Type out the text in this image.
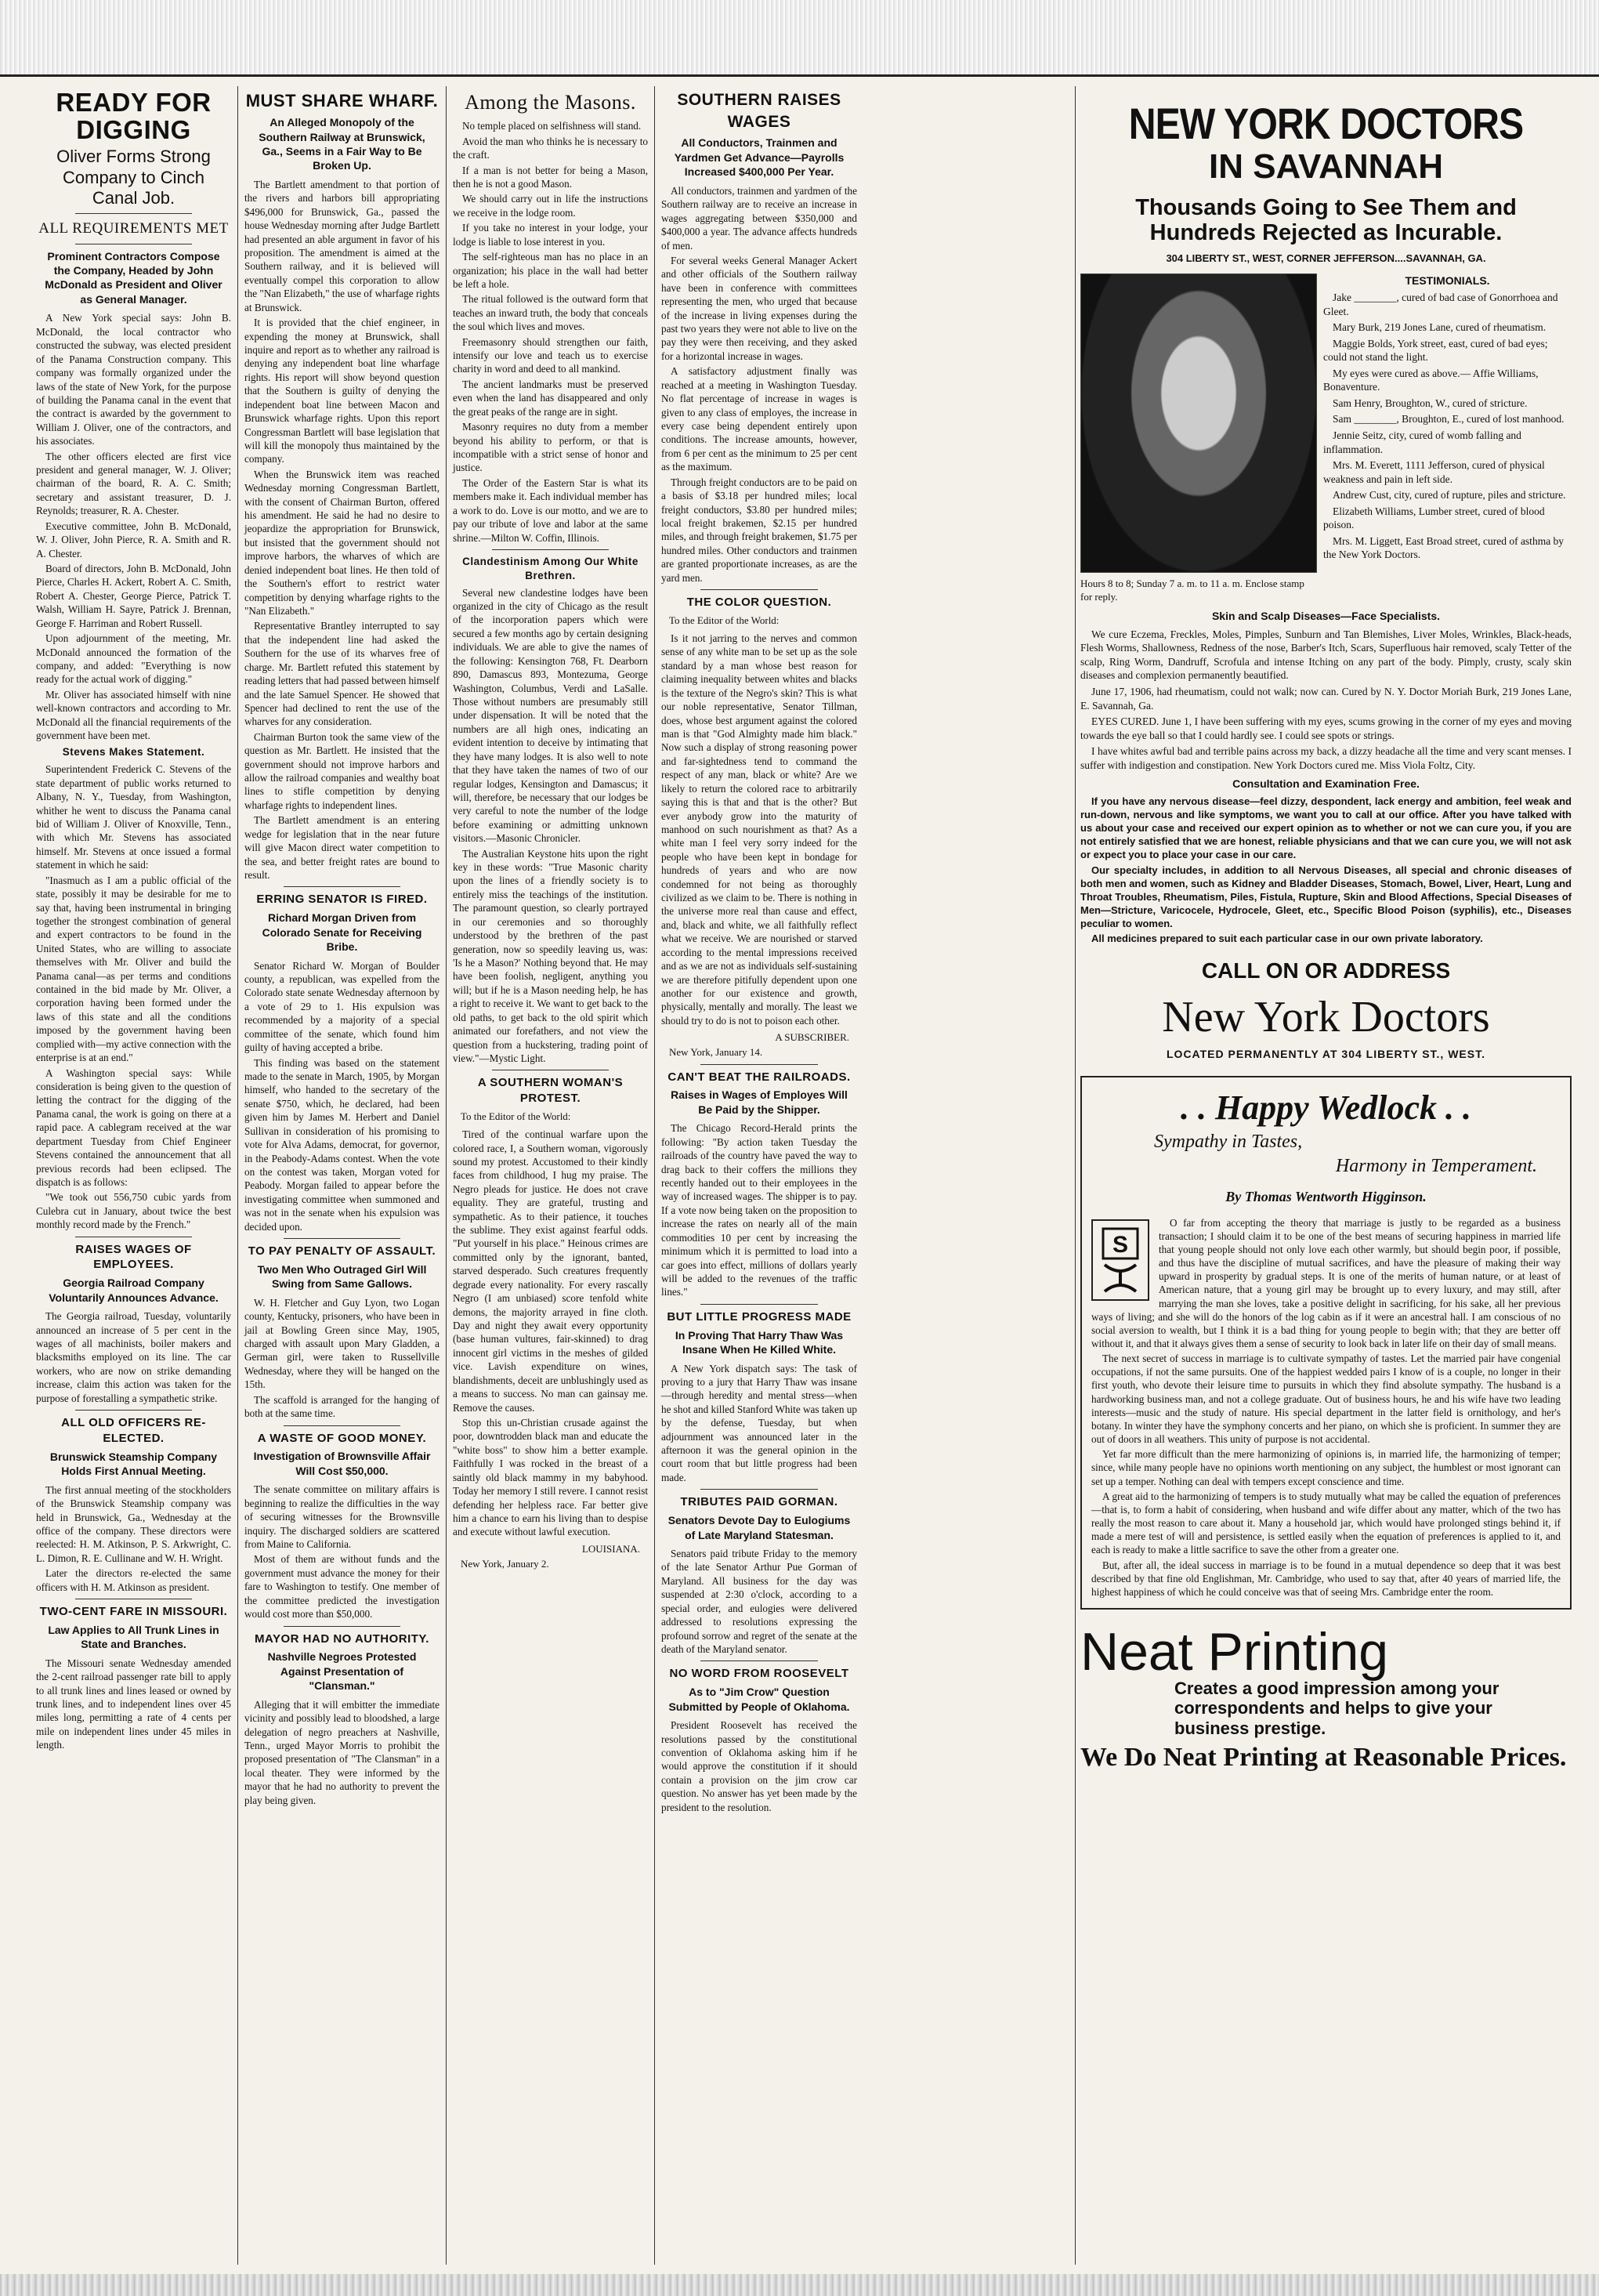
READY FOR DIGGING
Oliver Forms Strong Company to Cinch Canal Job.
ALL REQUIREMENTS MET
Prominent Contractors Compose the Company, Headed by John McDonald as President and Oliver as General Manager.

A New York special says: John B. McDonald, the local contractor who constructed the subway, was elected president of the Panama Construction company. This company was formally organized under the laws of the state of New York, for the purpose of building the Panama canal in the event that the contract is awarded by the government to William J. Oliver, one of the contractors, and his associates.

The other officers elected are first vice president and general manager, W. J. Oliver; chairman of the board, R. A. C. Smith; secretary and assistant treasurer, D. J. Reynolds; treasurer, R. A. Chester.

Executive committee, John B. McDonald, W. J. Oliver, John Pierce, R. A. Smith and R. A. Chester.

Board of directors, John B. McDonald, John Pierce, Charles H. Ackert, Robert A. C. Smith, Robert A. Chester, George Pierce, Patrick T. Walsh, William H. Sayre, Patrick J. Brennan, George F. Harriman and Robert Russell.

Upon adjournment of the meeting, Mr. McDonald announced the formation of the company, and added: "Everything is now ready for the actual work of digging."

Mr. Oliver has associated himself with nine well-known contractors and according to Mr. McDonald all the financial requirements of the government have been met.

Stevens Makes Statement.

Superintendent Frederick C. Stevens of the state department of public works returned to Albany, N. Y., Tuesday, from Washington, whither he went to discuss the Panama canal bid of William J. Oliver of Knoxville, Tenn., with which Mr. Stevens has associated himself. Mr. Stevens at once issued a formal statement in which he said:

"Inasmuch as I am a public official of the state, possibly it may be desirable for me to say that, having been instrumental in bringing together the strongest combination of general and expert contractors to be found in the United States, who are willing to associate themselves with Mr. Oliver and build the Panama canal—as per terms and conditions contained in the bid made by Mr. Oliver, a corporation having been formed under the laws of this state and all the conditions imposed by the government having been complied with—my active connection with the enterprise is at an end."

A Washington special says: While consideration is being given to the question of letting the contract for the digging of the Panama canal, the work is going on there at a rapid pace. A cablegram received at the war department Tuesday from Chief Engineer Stevens contained the announcement that all previous records had been eclipsed. The dispatch is as follows:

"We took out 556,750 cubic yards from Culebra cut in January, about twice the best monthly record made by the French."

RAISES WAGES OF EMPLOYEES.
Georgia Railroad Company Voluntarily Announces Advance.

The Georgia railroad, Tuesday, voluntarily announced an increase of 5 per cent in the wages of all machinists, boiler makers and blacksmiths employed on its line. The car workers, who are now on strike demanding increase, claim this action was taken for the purpose of forestalling a sympathetic strike.

ALL OLD OFFICERS RE-ELECTED.
Brunswick Steamship Company Holds First Annual Meeting.

The first annual meeting of the stockholders of the Brunswick Steamship company was held in Brunswick, Ga., Wednesday at the office of the company. These directors were reelected: H. M. Atkinson, P. S. Arkwright, C. L. Dimon, R. E. Cullinane and W. H. Wright.

Later the directors re-elected the same officers with H. M. Atkinson as president.

TWO-CENT FARE IN MISSOURI.
Law Applies to All Trunk Lines in State and Branches.

The Missouri senate Wednesday amended the 2-cent railroad passenger rate bill to apply to all trunk lines and lines leased or owned by trunk lines, and to independent lines over 45 miles long, permitting a rate of 4 cents per mile on independent lines under 45 miles in length.

MUST SHARE WHARF.
An Alleged Monopoly of the Southern Railway at Brunswick, Ga., Seems in a Fair Way to Be Broken Up.

The Bartlett amendment to that portion of the rivers and harbors bill appropriating $496,000 for Brunswick, Ga., passed the house Wednesday morning after Judge Bartlett had presented an able argument in favor of his proposition. The amendment is aimed at the Southern railway, and it is believed will eventually compel this corporation to allow the "Nan Elizabeth," the use of wharfage rights at Brunswick.

It is provided that the chief engineer, in expending the money at Brunswick, shall inquire and report as to whether any railroad is denying any independent boat line wharfage rights. His report will show beyond question that the Southern is guilty of denying the independent boat line between Macon and Brunswick wharfage rights. Upon this report Congressman Bartlett will base legislation that will kill the monopoly thus maintained by the company.

When the Brunswick item was reached Wednesday morning Congressman Bartlett, with the consent of Chairman Burton, offered his amendment. He said he had no desire to jeopardize the appropriation for Brunswick, but insisted that the government should not improve harbors, the wharves of which are denied independent boat lines. He then told of the Southern's effort to restrict water competition by denying wharfage rights to the "Nan Elizabeth."

Representative Brantley interrupted to say that the independent line had asked the Southern for the use of its wharves free of charge. Mr. Bartlett refuted this statement by reading letters that had passed between himself and the late Samuel Spencer. He showed that Spencer had declined to rent the use of the wharves for any consideration.

Chairman Burton took the same view of the question as Mr. Bartlett. He insisted that the government should not improve harbors and allow the railroad companies and wealthy boat lines to stifle competition by denying wharfage rights to independent lines.

The Bartlett amendment is an entering wedge for legislation that in the near future will give Macon direct water competition to the sea, and better freight rates are bound to result.

ERRING SENATOR IS FIRED.
Richard Morgan Driven from Colorado Senate for Receiving Bribe.

Senator Richard W. Morgan of Boulder county, a republican, was expelled from the Colorado state senate Wednesday afternoon by a vote of 29 to 1. His expulsion was recommended by a majority of a special committee of the senate, which found him guilty of having accepted a bribe.

This finding was based on the statement made to the senate in March, 1905, by Morgan himself, who handed to the secretary of the senate $750, which, he declared, had been given him by James M. Herbert and Daniel Sullivan in consideration of his promising to vote for Alva Adams, democrat, for governor, in the Peabody-Adams contest. When the vote on the contest was taken, Morgan voted for Peabody. Morgan failed to appear before the investigating committee when summoned and was not in the senate when his expulsion was decided upon.

TO PAY PENALTY OF ASSAULT.
Two Men Who Outraged Girl Will Swing from Same Gallows.

W. H. Fletcher and Guy Lyon, two Logan county, Kentucky, prisoners, who have been in jail at Bowling Green since May, 1905, charged with assault upon Mary Gladden, a German girl, were taken to Russellville Wednesday, where they will be hanged on the 15th.

The scaffold is arranged for the hanging of both at the same time.

A WASTE OF GOOD MONEY.
Investigation of Brownsville Affair Will Cost $50,000.

The senate committee on military affairs is beginning to realize the difficulties in the way of securing witnesses for the Brownsville inquiry. The discharged soldiers are scattered from Maine to California.

Most of them are without funds and the government must advance the money for their fare to Washington to testify. One member of the committee predicted the investigation would cost more than $50,000.

MAYOR HAD NO AUTHORITY.
Nashville Negroes Protested Against Presentation of "Clansman."

Alleging that it will embitter the immediate vicinity and possibly lead to bloodshed, a large delegation of negro preachers at Nashville, Tenn., urged Mayor Morris to prohibit the proposed presentation of "The Clansman" in a local theater. They were informed by the mayor that he had no authority to prevent the play being given.

Among the Masons.

No temple placed on selfishness will stand.

Avoid the man who thinks he is necessary to the craft.

If a man is not better for being a Mason, then he is not a good Mason.

We should carry out in life the instructions we receive in the lodge room.

If you take no interest in your lodge, your lodge is liable to lose interest in you.

The self-righteous man has no place in an organization; his place in the wall had better be left a hole.

The ritual followed is the outward form that teaches an inward truth, the body that conceals the soul which lives and moves.

Freemasonry should strengthen our faith, intensify our love and teach us to exercise charity in word and deed to all mankind.

The ancient landmarks must be preserved even when the land has disappeared and only the great peaks of the range are in sight.

Masonry requires no duty from a member beyond his ability to perform, or that is incompatible with a strict sense of honor and justice.

The Order of the Eastern Star is what its members make it. Each individual member has a work to do. Love is our motto, and we are to pay our tribute of love and labor at the same shrine.—Milton W. Coffin, Illinois.

Clandestinism Among Our White Brethren.

Several new clandestine lodges have been organized in the city of Chicago as the result of the incorporation papers which were secured a few months ago by certain designing individuals. We are able to give the names of the following: Kensington 768, Ft. Dearborn 890, Damascus 893, Montezuma, George Washington, Columbus, Verdi and LaSalle. Those without numbers are presumably still under dispensation. It will be noted that the numbers are all high ones, indicating an evident intention to deceive by intimating that they have many lodges. It is also well to note that they have taken the names of two of our regular lodges, Kensington and Damascus; it will, therefore, be necessary that our lodges be very careful to note the number of the lodge before examining or admitting unknown visitors.—Masonic Chronicler.

The Australian Keystone hits upon the right key in these words: "True Masonic charity upon the lines of a friendly society is to entirely miss the teachings of the institution. The paramount question, so clearly portrayed in our ceremonies and so thoroughly understood by the brethren of the past generation, now so speedily leaving us, was: 'Is he a Mason?' Nothing beyond that. He may have been foolish, negligent, anything you will; but if he is a Mason needing help, he has a right to receive it. We want to get back to the old paths, to get back to the old spirit which animated our forefathers, and not view the question from a huckstering, trading point of view."—Mystic Light.

A SOUTHERN WOMAN'S PROTEST.
To the Editor of the World:

Tired of the continual warfare upon the colored race, I, a Southern woman, vigorously sound my protest. Accustomed to their kindly faces from childhood, I hug my praise. The Negro pleads for justice. He does not crave equality. They are grateful, trusting and sympathetic. As to their patience, it touches the sublime. They exist against fearful odds. "Put yourself in his place." Heinous crimes are committed only by the ignorant, banted, starved desperado. Such creatures frequently degrade every nationality. For every rascally Negro (I am unbiased) score tenfold white demons, the majority arrayed in fine cloth. Day and night they await every opportunity (base human vultures, fair-skinned) to drag innocent girl victims in the meshes of gilded vice. Lavish expenditure on wines, blandishments, deceit are unblushingly used as a means to success. No man can gainsay me. Remove the causes.

Stop this un-Christian crusade against the poor, downtrodden black man and educate the "white boss" to show him a better example. Faithfully I was rocked in the breast of a saintly old black mammy in my babyhood. Today her memory I still revere. I cannot resist defending her helpless race. Far better give him a chance to earn his living than to despise and execute without lawful execution.

LOUISIANA.
New York, January 2.
SOUTHERN RAISES WAGES
All Conductors, Trainmen and Yardmen Get Advance—Payrolls Increased $400,000 Per Year.

All conductors, trainmen and yardmen of the Southern railway are to receive an increase in wages aggregating between $350,000 and $400,000 a year. The advance affects hundreds of men.

For several weeks General Manager Ackert and other officials of the Southern railway have been in conference with committees representing the men, who urged that because of the increase in living expenses during the past two years they were not able to live on the pay they were then receiving, and they asked for a horizontal increase in wages.

A satisfactory adjustment finally was reached at a meeting in Washington Tuesday. No flat percentage of increase in wages is given to any class of employes, the increase in every case being dependent entirely upon conditions. The increase amounts, however, from 6 per cent as the minimum to 25 per cent as the maximum.

Through freight conductors are to be paid on a basis of $3.18 per hundred miles; local freight conductors, $3.80 per hundred miles; local freight brakemen, $2.15 per hundred miles, and through freight brakemen, $1.75 per hundred miles. Other conductors and trainmen are granted proportionate increases, as are the yard men.

THE COLOR QUESTION.
To the Editor of the World:

Is it not jarring to the nerves and common sense of any white man to be set up as the sole standard by a man whose best reason for claiming inequality between whites and blacks is the texture of the Negro's skin? This is what our noble representative, Senator Tillman, does, whose best argument against the colored man is that "God Almighty made him black." Now such a display of strong reasoning power and far-sightedness tend to command the respect of any man, black or white? Are we likely to return the colored race to arbitrarily saying this is that and that is the other? But ever anybody grow into the maturity of manhood on such nourishment as that? As a white man I feel very sorry indeed for the people who have been kept in bondage for hundreds of years and who are now condemned for not being as thoroughly civilized as we claim to be. There is nothing in the universe more real than cause and effect, and, black and white, we all faithfully reflect what we receive. We are nourished or starved according to the mental impressions received and as we are not as individuals self-sustaining we are therefore pitifully dependent upon one another for our existence and growth, physically, mentally and morally. The least we should try to do is not to poison each other.

A SUBSCRIBER.
New York, January 14.
CAN'T BEAT THE RAILROADS.
Raises in Wages of Employes Will Be Paid by the Shipper.

The Chicago Record-Herald prints the following: "By action taken Tuesday the railroads of the country have paved the way to drag back to their coffers the millions they recently handed out to their employees in the way of increased wages. The shipper is to pay. If a vote now being taken on the proposition to increase the rates on nearly all of the main commodities 10 per cent by increasing the minimum which it is permitted to load into a car goes into effect, millions of dollars yearly will be added to the revenues of the traffic lines."

BUT LITTLE PROGRESS MADE
In Proving That Harry Thaw Was Insane When He Killed White.

A New York dispatch says: The task of proving to a jury that Harry Thaw was insane—through heredity and mental stress—when he shot and killed Stanford White was taken up by the defense, Tuesday, but when adjournment was announced later in the afternoon it was the general opinion in the court room that but little progress had been made.

TRIBUTES PAID GORMAN.
Senators Devote Day to Eulogiums of Late Maryland Statesman.

Senators paid tribute Friday to the memory of the late Senator Arthur Pue Gorman of Maryland. All business for the day was suspended at 2:30 o'clock, according to a special order, and eulogies were delivered addressed to resolutions expressing the profound sorrow and regret of the senate at the death of the Maryland senator.

NO WORD FROM ROOSEVELT
As to "Jim Crow" Question Submitted by People of Oklahoma.

President Roosevelt has received the resolutions passed by the constitutional convention of Oklahoma asking him if he would approve the constitution if it should contain a provision on the jim crow car question. No answer has yet been made by the president to the resolution.

NEW YORK DOCTORS
IN SAVANNAH
Thousands Going to See Them and Hundreds Rejected as Incurable.
304 LIBERTY ST., WEST, CORNER JEFFERSON....SAVANNAH, GA.
Hours 8 to 8; Sunday 7 a. m. to 11 a. m. Enclose stamp for reply.
TESTIMONIALS.

Jake ________, cured of bad case of Gonorrhoea and Gleet.

Mary Burk, 219 Jones Lane, cured of rheumatism.

Maggie Bolds, York street, east, cured of bad eyes; could not stand the light.

My eyes were cured as above.— Affie Williams, Bonaventure.

Sam Henry, Broughton, W., cured of stricture.

Sam ________, Broughton, E., cured of lost manhood.

Jennie Seitz, city, cured of womb falling and inflammation.

Mrs. M. Everett, 1111 Jefferson, cured of physical weakness and pain in left side.

Andrew Cust, city, cured of rupture, piles and stricture.

Elizabeth Williams, Lumber street, cured of blood poison.

Mrs. M. Liggett, East Broad street, cured of asthma by the New York Doctors.

Skin and Scalp Diseases—Face Specialists.

We cure Eczema, Freckles, Moles, Pimples, Sunburn and Tan Blemishes, Liver Moles, Wrinkles, Black-heads, Flesh Worms, Shallowness, Redness of the nose, Barber's Itch, Scars, Superfluous hair removed, scaly Tetter of the scalp, Ring Worm, Dandruff, Scrofula and intense Itching on any part of the body. Pimply, crusty, scaly skin diseases and complexion permanently beautified.

June 17, 1906, had rheumatism, could not walk; now can. Cured by N. Y. Doctor Moriah Burk, 219 Jones Lane, E. Savannah, Ga.

EYES CURED. June 1, I have been suffering with my eyes, scums growing in the corner of my eyes and moving towards the eye ball so that I could hardly see. I could see spots or strings.

I have whites awful bad and terrible pains across my back, a dizzy headache all the time and very scant menses. I suffer with indigestion and constipation. New York Doctors cured me. Miss Viola Foltz, City.

Consultation and Examination Free.

If you have any nervous disease—feel dizzy, despondent, lack energy and ambition, feel weak and run-down, nervous and like symptoms, we want you to call at our office. After you have talked with us about your case and received our expert opinion as to whether or not we can cure you, if you are not entirely satisfied that we are honest, reliable physicians and that we can cure you, we will not ask or expect you to place your case in our care.

Our specialty includes, in addition to all Nervous Diseases, all special and chronic diseases of both men and women, such as Kidney and Bladder Diseases, Stomach, Bowel, Liver, Heart, Lung and Throat Troubles, Rheumatism, Piles, Fistula, Rupture, Skin and Blood Affections, Special Diseases of Men—Stricture, Varicocele, Hydrocele, Gleet, etc., Specific Blood Poison (syphilis), etc., Diseases peculiar to women.

All medicines prepared to suit each particular case in our own private laboratory.

CALL ON OR ADDRESS
New York Doctors
LOCATED PERMANENTLY AT 304 LIBERTY ST., WEST.
. . Happy Wedlock . .
Sympathy in Tastes,
Harmony in Temperament.
By Thomas Wentworth Higginson.
S

O far from accepting the theory that marriage is justly to be regarded as a business transaction; I should claim it to be one of the best means of securing happiness in married life that young people should not only love each other warmly, but should begin poor, if possible, and thus have the discipline of mutual sacrifices, and have the pleasure of making their way upward in prosperity by gradual steps. It is one of the merits of human nature, or at least of American nature, that a young girl may be brought up to every luxury, and may still, after marrying the man she loves, take a positive delight in sacrificing, for his sake, all her previous ways of living; and she will do the honors of the log cabin as if it were an ancestral hall. I am conscious of no social aversion to wealth, but I think it is a bad thing for young people to begin with; that they are better off without it, and that it always gives them a sense of security to look back in later life on their day of small means.

The next secret of success in marriage is to cultivate sympathy of tastes. Let the married pair have congenial occupations, if not the same pursuits. One of the happiest wedded pairs I know of is a couple, no longer in their first youth, who devote their leisure time to pursuits in which they find absolute sympathy. The husband is a hardworking business man, and not a college graduate. Out of business hours, he and his wife have two leading interests—music and the study of nature. His special department in the latter field is ornithology, and her's botany. In winter they have the symphony concerts and her piano, on which she is proficient. In summer they are out of doors in all weathers. This unity of purpose is not accidental.

Yet far more difficult than the mere harmonizing of opinions is, in married life, the harmonizing of temper; since, while many people have no opinions worth mentioning on any subject, the humblest or most ignorant can set up a temper. Nothing can deal with tempers except conscience and time.

A great aid to the harmonizing of tempers is to study mutually what may be called the equation of preferences—that is, to form a habit of considering, when husband and wife differ about any matter, which of the two has really the most reason to care about it. Many a household jar, which would have prolonged stings behind it, if made a mere test of will and persistence, is settled easily when the equation of preferences is applied to it, and each is ready to make a little sacrifice to save the other from a greater one.

But, after all, the ideal success in marriage is to be found in a mutual dependence so deep that it was best described by that fine old Englishman, Mr. Cambridge, who used to say that, after 40 years of married life, the highest happiness of which he could conceive was that of seeing Mrs. Cambridge enter the room.

Neat Printing
Creates a good impression among your correspondents and helps to give your business prestige.
We Do Neat Printing at Reasonable Prices.
